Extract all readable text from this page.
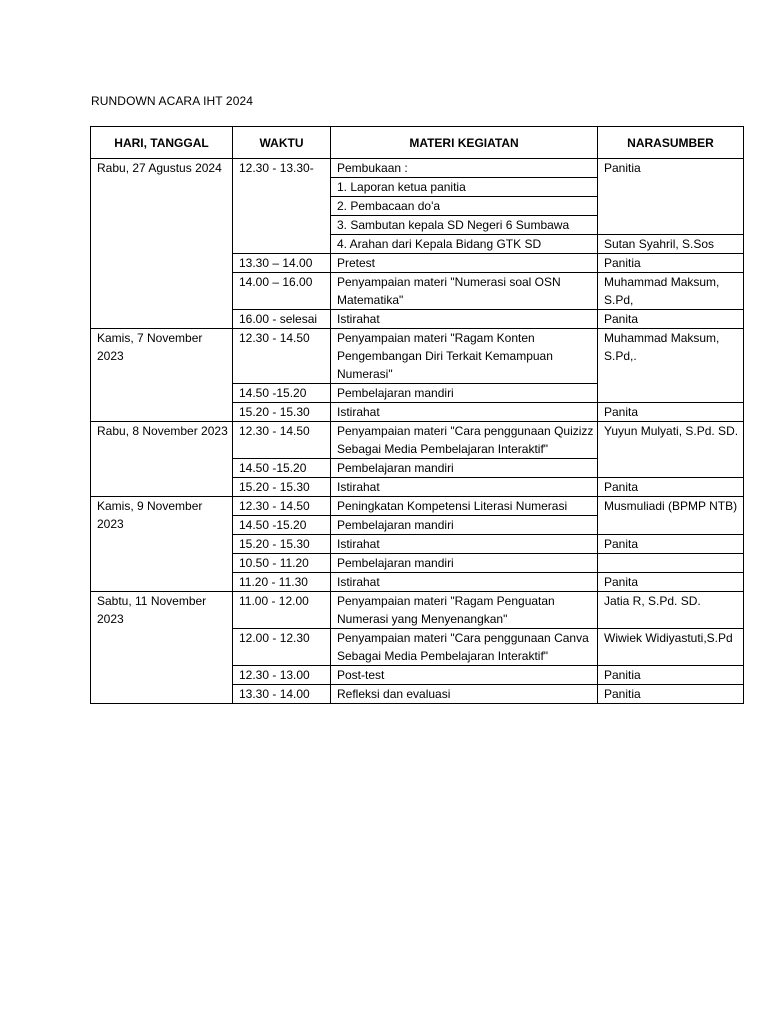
RUNDOWN ACARA IHT 2024
HARI, TANGGAL	WAKTU	MATERI KEGIATAN	NARASUMBER
Rabu, 27 Agustus 2024	12.30 - 13.30-	Pembukaan :	Panitia
		1. Laporan ketua panitia	
		2. Pembacaan do'a	
		3. Sambutan kepala SD Negeri 6 Sumbawa	
		4. Arahan dari Kepala Bidang GTK SD	Sutan Syahril, S.Sos
	13.30 – 14.00	Pretest	Panitia
	14.00 – 16.00	Penyampaian materi "Numerasi soal OSN Matematika"	Muhammad Maksum, S.Pd,
	16.00 - selesai	Istirahat	Panita
Kamis, 7 November 2023	12.30 - 14.50	Penyampaian materi "Ragam Konten Pengembangan Diri Terkait Kemampuan Numerasi"	Muhammad Maksum, S.Pd,.
	14.50 -15.20	Pembelajaran mandiri	
	15.20 - 15.30	Istirahat	Panita
Rabu, 8 November 2023	12.30 - 14.50	Penyampaian materi "Cara penggunaan Quizizz Sebagai Media Pembelajaran Interaktif"	Yuyun Mulyati, S.Pd. SD.
	14.50 -15.20	Pembelajaran mandiri	
	15.20 - 15.30	Istirahat	Panita
Kamis, 9 November 2023	12.30 - 14.50	Peningkatan Kompetensi Literasi Numerasi	Musmuliadi (BPMP NTB)
	14.50 -15.20	Pembelajaran mandiri	
	15.20 - 15.30	Istirahat	Panita
	10.50 - 11.20	Pembelajaran mandiri	
	11.20 - 11.30	Istirahat	Panita
Sabtu, 11 November 2023	11.00 - 12.00	Penyampaian materi "Ragam Penguatan Numerasi yang Menyenangkan"	Jatia R, S.Pd. SD.
	12.00 - 12.30	Penyampaian materi "Cara penggunaan Canva Sebagai Media Pembelajaran Interaktif"	Wiwiek Widiyastuti,S.Pd
	12.30 - 13.00	Post-test	Panitia
	13.30 - 14.00	Refleksi dan evaluasi	Panitia
